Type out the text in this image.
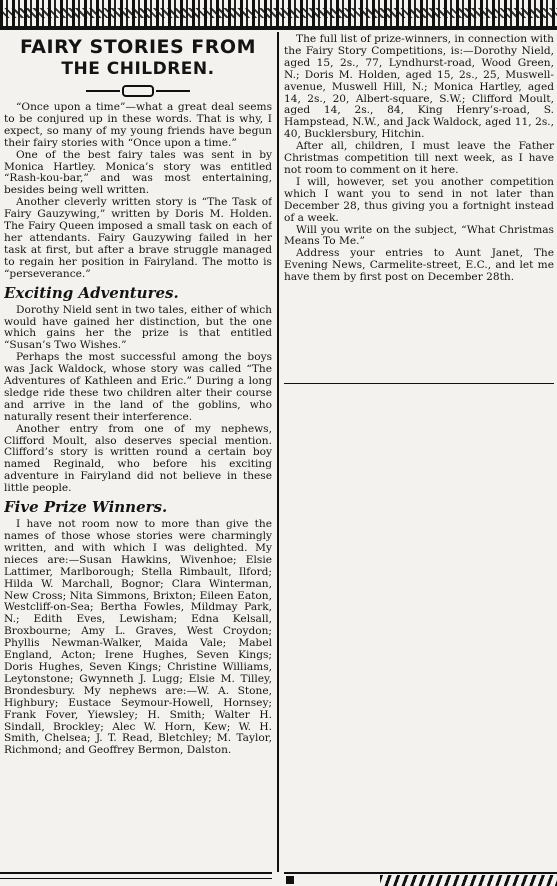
FAIRY STORIES FROM
THE CHILDREN.

“Once upon a time”—what a great deal seems to be conjured up in these words. That is why, I expect, so many of my young friends have begun their fairy stories with “Once upon a time.”

One of the best fairy tales was sent in by Monica Hartley. Monica’s story was entitled “Rash-kou-bar,” and was most entertaining, besides being well written.

Another cleverly written story is “The Task of Fairy Gauzywing,” written by Doris M. Holden. The Fairy Queen imposed a small task on each of her attendants. Fairy Gauzywing failed in her task at first, but after a brave struggle managed to regain her position in Fairyland. The motto is “perseverance.”

Exciting Adventures.

Dorothy Nield sent in two tales, either of which would have gained her distinction, but the one which gains her the prize is that entitled “Susan’s Two Wishes.”

Perhaps the most successful among the boys was Jack Waldock, whose story was called “The Adventures of Kathleen and Eric.” During a long sledge ride these two children alter their course and arrive in the land of the goblins, who naturally resent their interference.

Another entry from one of my nephews, Clifford Moult, also deserves special mention. Clifford’s story is written round a certain boy named Reginald, who before his exciting adventure in Fairyland did not believe in these little people.

Five Prize Winners.

I have not room now to more than give the names of those whose stories were charmingly written, and with which I was delighted. My nieces are:—Susan Hawkins, Wivenhoe; Elsie Lattimer, Marlborough; Stella Rimbault, Ilford; Hilda W. Marchall, Bognor; Clara Winterman, New Cross; Nita Simmons, Brixton; Eileen Eaton, Westcliff-on-Sea; Bertha Fowles, Mildmay Park, N.; Edith Eves, Lewisham; Edna Kelsall, Broxbourne; Amy L. Graves, West Croydon; Phyllis Newman-Walker, Maida Vale; Mabel England, Acton; Irene Hughes, Seven Kings; Doris Hughes, Seven Kings; Christine Williams, Leytonstone; Gwynneth J. Lugg; Elsie M. Tilley, Brondesbury. My nephews are:—W. A. Stone, Highbury; Eustace Seymour-Howell, Hornsey; Frank Fover, Yiewsley; H. Smith; Walter H. Sindall, Brockley; Alec W. Horn, Kew; W. H. Smith, Chelsea; J. T. Read, Bletchley; M. Taylor, Richmond; and Geoffrey Bermon, Dalston.

The full list of prize-winners, in connection with the Fairy Story Competitions, is:—Dorothy Nield, aged 15, 2s., 77, Lyndhurst-road, Wood Green, N.; Doris M. Holden, aged 15, 2s., 25, Muswell-avenue, Muswell Hill, N.; Monica Hartley, aged 14, 2s., 20, Albert-square, S.W.; Clifford Moult, aged 14, 2s., 84, King Henry’s-road, S. Hampstead, N.W., and Jack Waldock, aged 11, 2s., 40, Bucklersbury, Hitchin.

After all, children, I must leave the Father Christmas competition till next week, as I have not room to comment on it here.

I will, however, set you another competition which I want you to send in not later than December 28, thus giving you a fortnight instead of a week.

Will you write on the subject, “What Christmas Means To Me.”

Address your entries to Aunt Janet, The Evening News, Carmelite-street, E.C., and let me have them by first post on December 28th.
